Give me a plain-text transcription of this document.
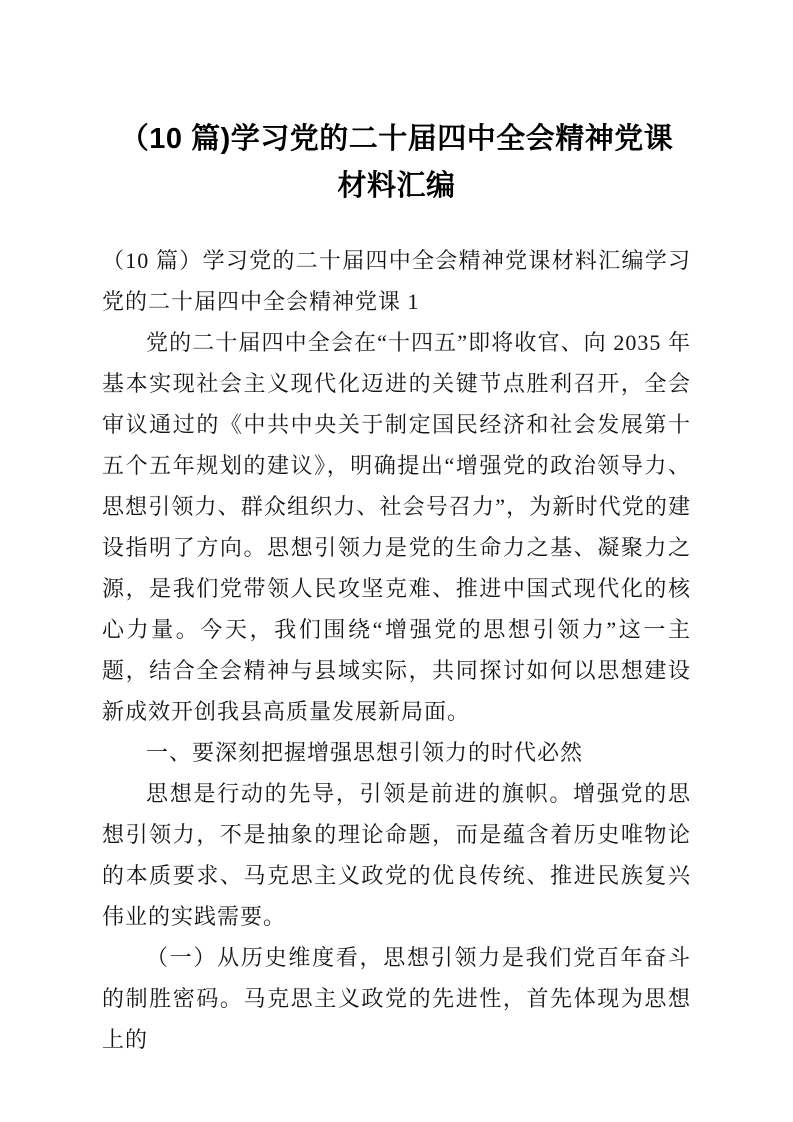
（10 篇)学习党的二十届四中全会精神党课材料汇编

（10 篇）学习党的二十届四中全会精神党课材料汇编学习党的二十届四中全会精神党课 1

党的二十届四中全会在“十四五”即将收官、向 2035 年基本实现社会主义现代化迈进的关键节点胜利召开，全会审议通过的《中共中央关于制定国民经济和社会发展第十五个五年规划的建议》，明确提出“增强党的政治领导力、思想引领力、群众组织力、社会号召力”，为新时代党的建设指明了方向。思想引领力是党的生命力之基、凝聚力之源，是我们党带领人民攻坚克难、推进中国式现代化的核心力量。今天，我们围绕“增强党的思想引领力”这一主题，结合全会精神与县域实际，共同探讨如何以思想建设新成效开创我县高质量发展新局面。

一、要深刻把握增强思想引领力的时代必然

思想是行动的先导，引领是前进的旗帜。增强党的思想引领力，不是抽象的理论命题，而是蕴含着历史唯物论的本质要求、马克思主义政党的优良传统、推进民族复兴伟业的实践需要。

（一）从历史维度看，思想引领力是我们党百年奋斗的制胜密码。马克思主义政党的先进性，首先体现为思想上的
